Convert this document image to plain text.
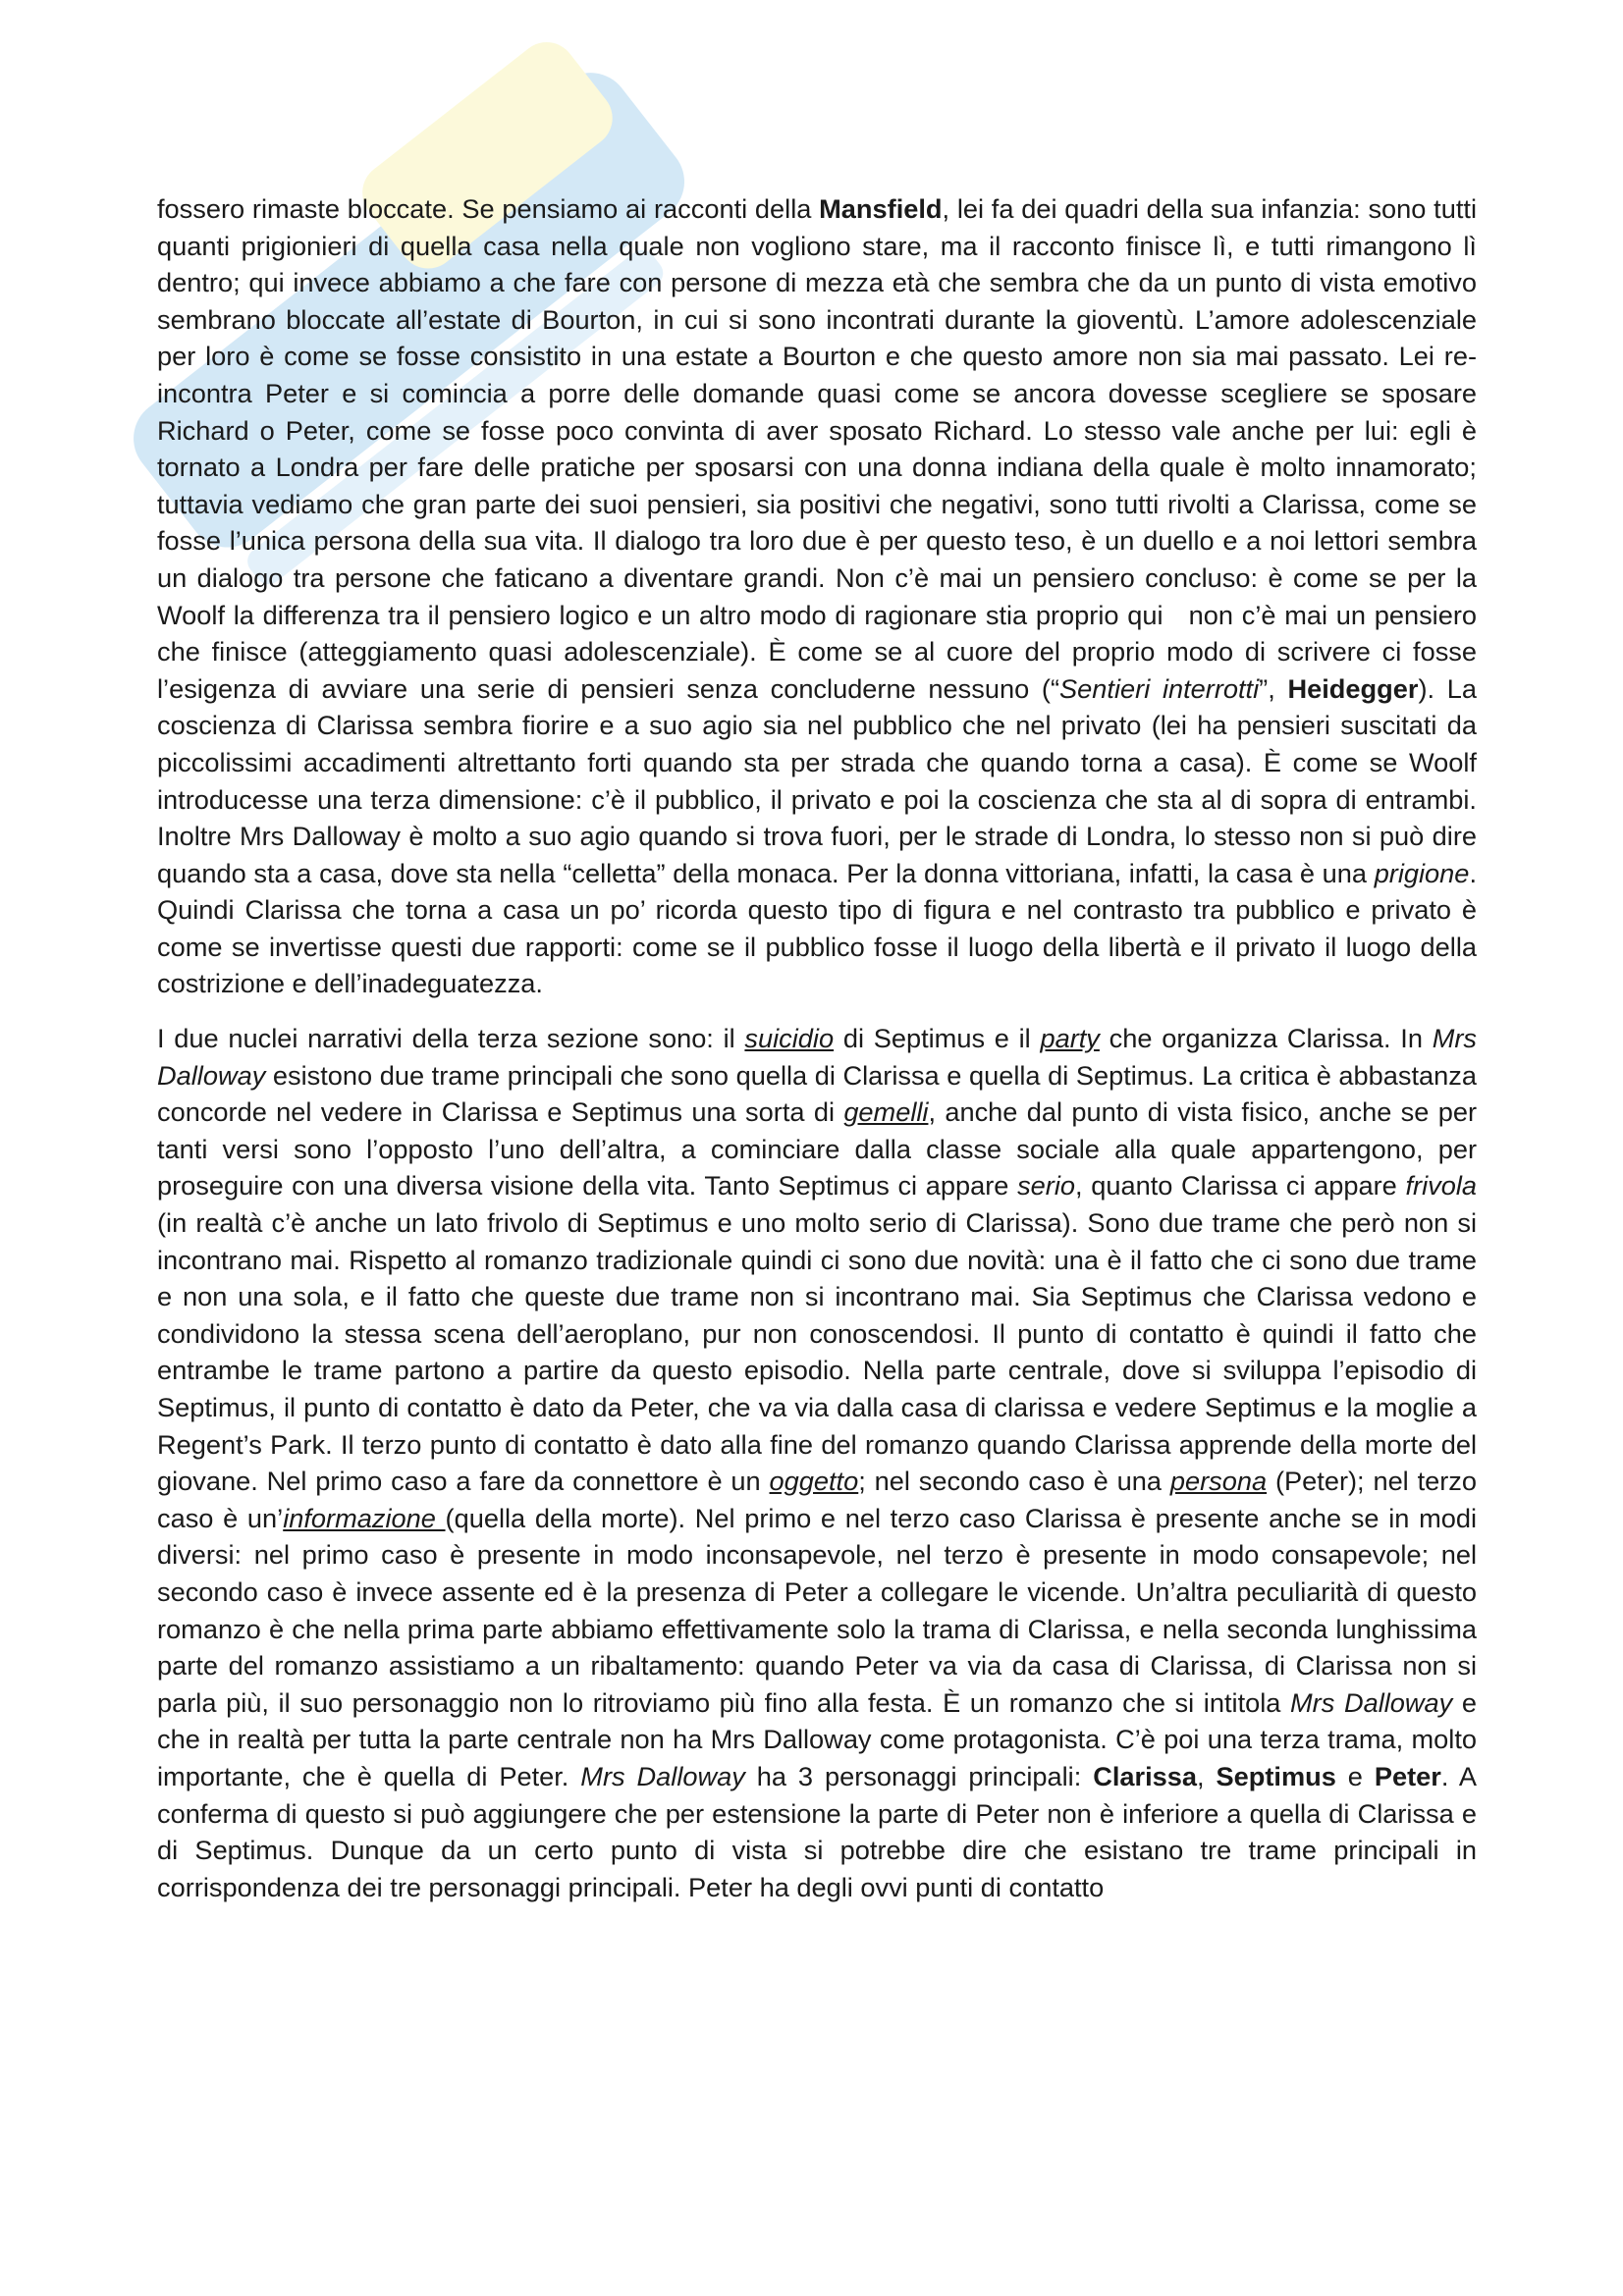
fossero rimaste bloccate. Se pensiamo ai racconti della Mansfield, lei fa dei quadri della sua infanzia: sono tutti quanti prigionieri di quella casa nella quale non vogliono stare, ma il racconto finisce lì, e tutti rimangono lì dentro; qui invece abbiamo a che fare con persone di mezza età che sembra che da un punto di vista emotivo sembrano bloccate all’estate di Bourton, in cui si sono incontrati durante la gioventù. L’amore adolescenziale per loro è come se fosse consistito in una estate a Bourton e che questo amore non sia mai passato. Lei re-incontra Peter e si comincia a porre delle domande quasi come se ancora dovesse scegliere se sposare Richard o Peter, come se fosse poco convinta di aver sposato Richard. Lo stesso vale anche per lui: egli è tornato a Londra per fare delle pratiche per sposarsi con una donna indiana della quale è molto innamorato; tuttavia vediamo che gran parte dei suoi pensieri, sia positivi che negativi, sono tutti rivolti a Clarissa, come se fosse l’unica persona della sua vita. Il dialogo tra loro due è per questo teso, è un duello e a noi lettori sembra un dialogo tra persone che faticano a diventare grandi. Non c’è mai un pensiero concluso: è come se per la Woolf la differenza tra il pensiero logico e un altro modo di ragionare stia proprio qui   non c’è mai un pensiero che finisce (atteggiamento quasi adolescenziale). È come se al cuore del proprio modo di scrivere ci fosse l’esigenza di avviare una serie di pensieri senza concluderne nessuno (“Sentieri interrotti”, Heidegger). La coscienza di Clarissa sembra fiorire e a suo agio sia nel pubblico che nel privato (lei ha pensieri suscitati da piccolissimi accadimenti altrettanto forti quando sta per strada che quando torna a casa). È come se Woolf introducesse una terza dimensione: c’è il pubblico, il privato e poi la coscienza che sta al di sopra di entrambi. Inoltre Mrs Dalloway è molto a suo agio quando si trova fuori, per le strade di Londra, lo stesso non si può dire quando sta a casa, dove sta nella “celletta” della monaca. Per la donna vittoriana, infatti, la casa è una prigione. Quindi Clarissa che torna a casa un po’ ricorda questo tipo di figura e nel contrasto tra pubblico e privato è come se invertisse questi due rapporti: come se il pubblico fosse il luogo della libertà e il privato il luogo della costrizione e dell’inadeguatezza.

I due nuclei narrativi della terza sezione sono: il suicidio di Septimus e il party che organizza Clarissa. In Mrs Dalloway esistono due trame principali che sono quella di Clarissa e quella di Septimus. La critica è abbastanza concorde nel vedere in Clarissa e Septimus una sorta di gemelli, anche dal punto di vista fisico, anche se per tanti versi sono l’opposto l’uno dell’altra, a cominciare dalla classe sociale alla quale appartengono, per proseguire con una diversa visione della vita. Tanto Septimus ci appare serio, quanto Clarissa ci appare frivola (in realtà c’è anche un lato frivolo di Septimus e uno molto serio di Clarissa). Sono due trame che però non si incontrano mai. Rispetto al romanzo tradizionale quindi ci sono due novità: una è il fatto che ci sono due trame e non una sola, e il fatto che queste due trame non si incontrano mai. Sia Septimus che Clarissa vedono e condividono la stessa scena dell’aeroplano, pur non conoscendosi. Il punto di contatto è quindi il fatto che entrambe le trame partono a partire da questo episodio. Nella parte centrale, dove si sviluppa l’episodio di Septimus, il punto di contatto è dato da Peter, che va via dalla casa di clarissa e vedere Septimus e la moglie a Regent’s Park. Il terzo punto di contatto è dato alla fine del romanzo quando Clarissa apprende della morte del giovane. Nel primo caso a fare da connettore è un oggetto; nel secondo caso è una persona (Peter); nel terzo caso è un’informazione (quella della morte). Nel primo e nel terzo caso Clarissa è presente anche se in modi diversi: nel primo caso è presente in modo inconsapevole, nel terzo è presente in modo consapevole; nel secondo caso è invece assente ed è la presenza di Peter a collegare le vicende. Un’altra peculiarità di questo romanzo è che nella prima parte abbiamo effettivamente solo la trama di Clarissa, e nella seconda lunghissima parte del romanzo assistiamo a un ribaltamento: quando Peter va via da casa di Clarissa, di Clarissa non si parla più, il suo personaggio non lo ritroviamo più fino alla festa. È un romanzo che si intitola Mrs Dalloway e che in realtà per tutta la parte centrale non ha Mrs Dalloway come protagonista. C’è poi una terza trama, molto importante, che è quella di Peter. Mrs Dalloway ha 3 personaggi principali: Clarissa, Septimus e Peter. A conferma di questo si può aggiungere che per estensione la parte di Peter non è inferiore a quella di Clarissa e di Septimus. Dunque da un certo punto di vista si potrebbe dire che esistano tre trame principali in corrispondenza dei tre personaggi principali. Peter ha degli ovvi punti di contatto
